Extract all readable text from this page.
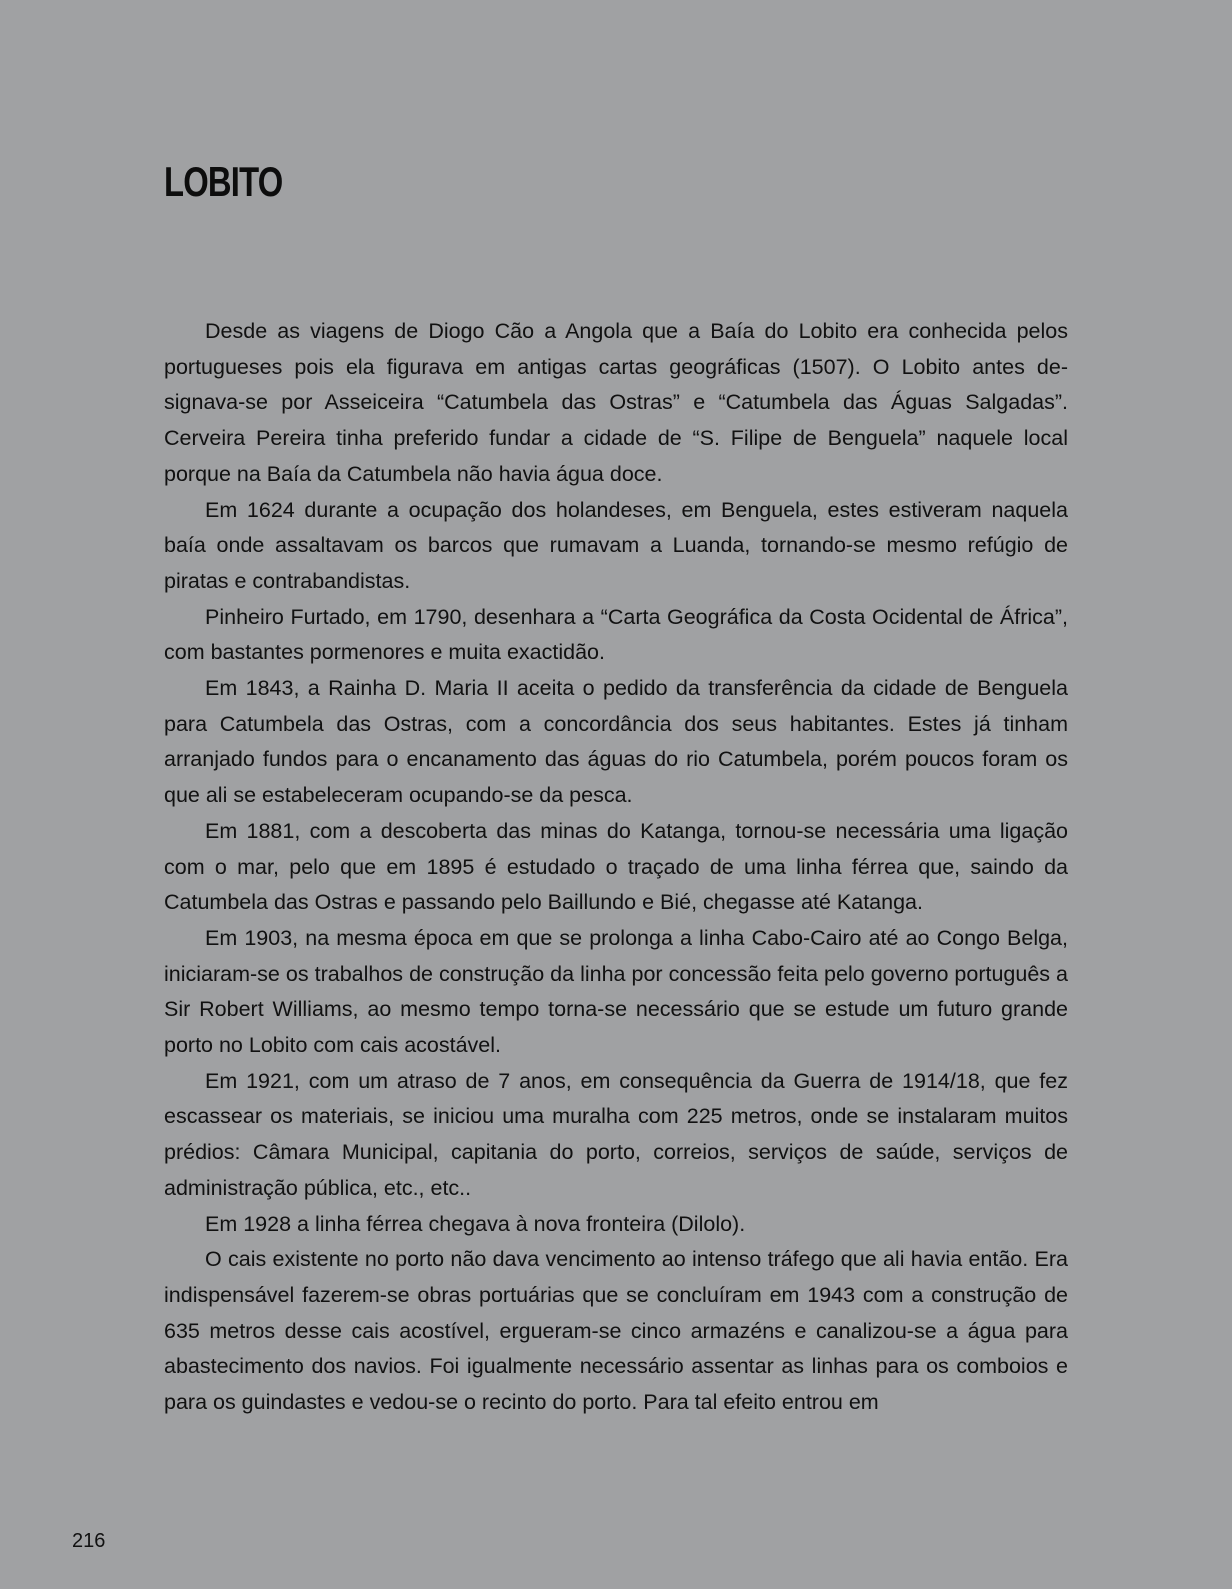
LOBITO

Desde as viagens de Diogo Cão a Angola que a Baía do Lobito era conhecida pelos portugueses pois ela figurava em antigas cartas geográficas (1507). O Lobito antes designava-se por Asseiceira “Catumbela das Ostras” e “Catumbela das Águas Salgadas”. Cerveira Pereira tinha preferido fundar a cidade de “S. Filipe de Benguela” naquele local porque na Baía da Catumbela não havia água doce.

Em 1624 durante a ocupação dos holandeses, em Benguela, estes estiveram naquela baía onde assaltavam os barcos que rumavam a Luanda, tornando-se mesmo refúgio de piratas e contrabandistas.

Pinheiro Furtado, em 1790, desenhara a “Carta Geográfica da Costa Ocidental de África”, com bastantes pormenores e muita exactidão.

Em 1843, a Rainha D. Maria II aceita o pedido da transferência da cidade de Benguela para Catumbela das Ostras, com a concordância dos seus habitantes. Estes já tinham arranjado fundos para o encanamento das águas do rio Catumbela, porém poucos foram os que ali se estabeleceram ocupando-se da pesca.

Em 1881, com a descoberta das minas do Katanga, tornou-se necessária uma ligação com o mar, pelo que em 1895 é estudado o traçado de uma linha férrea que, saindo da Catumbela das Ostras e passando pelo Baillundo e Bié, chegasse até Katanga.

Em 1903, na mesma época em que se prolonga a linha Cabo-Cairo até ao Congo Belga, iniciaram-se os trabalhos de construção da linha por concessão feita pelo governo português a Sir Robert Williams, ao mesmo tempo torna-se necessário que se estude um futuro grande porto no Lobito com cais acostável.

Em 1921, com um atraso de 7 anos, em consequência da Guerra de 1914/18, que fez escassear os materiais, se iniciou uma muralha com 225 metros, onde se instalaram muitos prédios: Câmara Municipal, capitania do porto, correios, serviços de saúde, serviços de administração pública, etc., etc..

Em 1928 a linha férrea chegava à nova fronteira (Dilolo).

O cais existente no porto não dava vencimento ao intenso tráfego que ali havia então. Era indispensável fazerem-se obras portuárias que se concluíram em 1943 com a construção de 635 metros desse cais acostível, ergueram-se cinco armazéns e canalizou-se a água para abastecimento dos navios. Foi igualmente necessário assentar as linhas para os comboios e para os guindastes e vedou-se o recinto do porto. Para tal efeito entrou em

216
